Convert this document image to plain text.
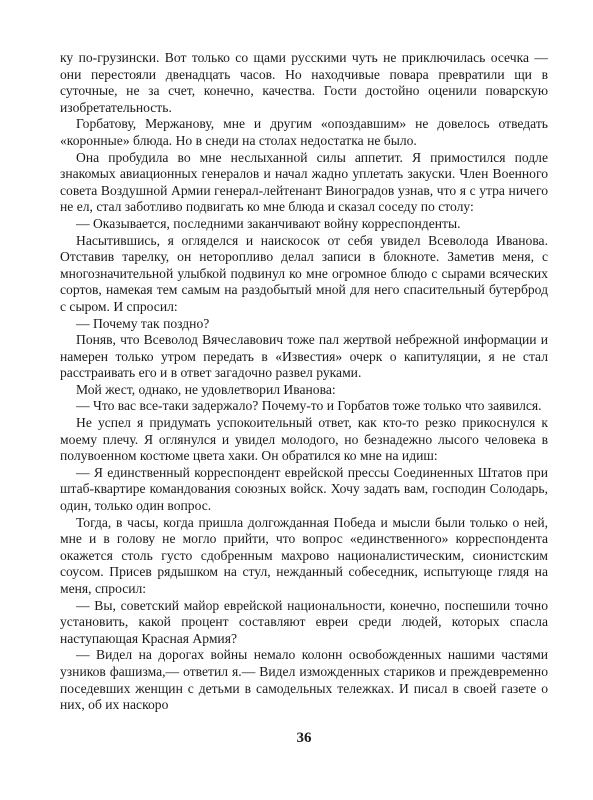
ку по-грузински. Вот только со щами русскими чуть не приключилась осечка — они перестояли двенадцать часов. Но находчивые повара превратили щи в суточные, не за счет, конечно, качества. Гости достойно оценили поварскую изобретательность.

Горбатову, Мержанову, мне и другим «опоздавшим» не довелось отведать «коронные» блюда. Но в снеди на столах недостатка не было.

Она пробудила во мне неслыханной силы аппетит. Я примостился подле знакомых авиационных генералов и начал жадно уплетать закуски. Член Военного совета Воздушной Армии генерал-лейтенант Виноградов узнав, что я с утра ничего не ел, стал заботливо подвигать ко мне блюда и сказал соседу по столу:

— Оказывается, последними заканчивают войну корреспонденты.

Насытившись, я огляделся и наискосок от себя увидел Всеволода Иванова. Отставив тарелку, он неторопливо делал записи в блокноте. Заметив меня, с многозначительной улыбкой подвинул ко мне огромное блюдо с сырами всяческих сортов, намекая тем самым на раздобытый мной для него спасительный бутерброд с сыром. И спросил:

— Почему так поздно?

Поняв, что Всеволод Вячеславович тоже пал жертвой небрежной информации и намерен только утром передать в «Известия» очерк о капитуляции, я не стал расстраивать его и в ответ загадочно развел руками.

Мой жест, однако, не удовлетворил Иванова:

— Что вас все-таки задержало? Почему-то и Горбатов тоже только что заявился.

Не успел я придумать успокоительный ответ, как кто-то резко прикоснулся к моему плечу. Я оглянулся и увидел молодого, но безнадежно лысого человека в полувоенном костюме цвета хаки. Он обратился ко мне на идиш:

— Я единственный корреспондент еврейской прессы Соединенных Штатов при штаб-квартире командования союзных войск. Хочу задать вам, господин Солодарь, один, только один вопрос.

Тогда, в часы, когда пришла долгожданная Победа и мысли были только о ней, мне и в голову не могло прийти, что вопрос «единственного» корреспондента окажется столь густо сдобренным махрово националистическим, сионистским соусом. Присев рядышком на стул, нежданный собеседник, испытующе глядя на меня, спросил:

— Вы, советский майор еврейской национальности, конечно, поспешили точно установить, какой процент составляют евреи среди людей, которых спасла наступающая Красная Армия?

— Видел на дорогах войны немало колонн освобожденных нашими частями узников фашизма,— ответил я.— Видел изможденных стариков и преждевременно поседевших женщин с детьми в самодельных тележках. И писал в своей газете о них, об их наскоро

36
